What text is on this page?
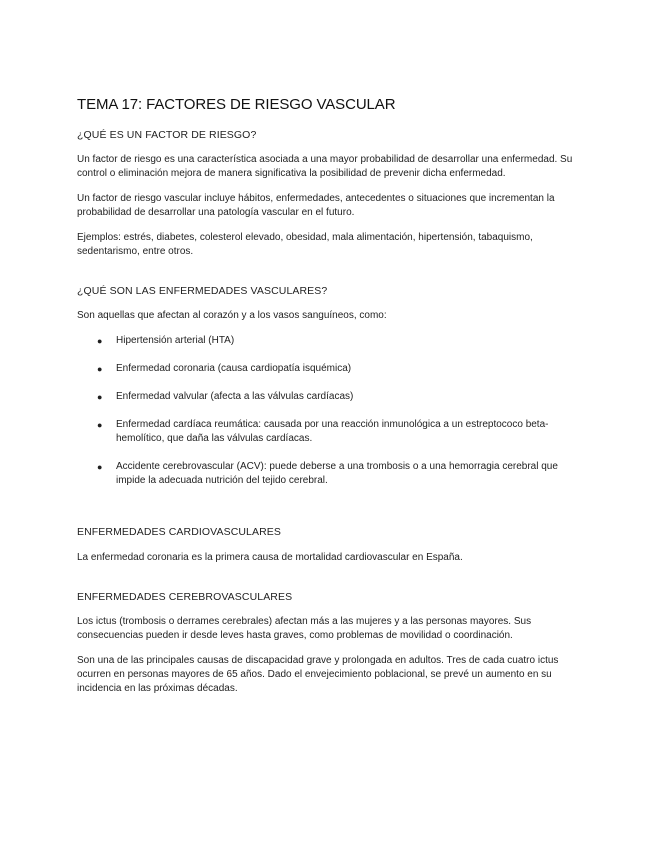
TEMA 17: FACTORES DE RIESGO VASCULAR
¿QUÉ ES UN FACTOR DE RIESGO?

Un factor de riesgo es una característica asociada a una mayor probabilidad de desarrollar una enfermedad. Su control o eliminación mejora de manera significativa la posibilidad de prevenir dicha enfermedad.

Un factor de riesgo vascular incluye hábitos, enfermedades, antecedentes o situaciones que incrementan la probabilidad de desarrollar una patología vascular en el futuro.

Ejemplos: estrés, diabetes, colesterol elevado, obesidad, mala alimentación, hipertensión, tabaquismo, sedentarismo, entre otros.

¿QUÉ SON LAS ENFERMEDADES VASCULARES?

Son aquellas que afectan al corazón y a los vasos sanguíneos, como:

● Hipertensión arterial (HTA)
● Enfermedad coronaria (causa cardiopatía isquémica)
● Enfermedad valvular (afecta a las válvulas cardíacas)
● Enfermedad cardíaca reumática: causada por una reacción inmunológica a un estreptococo beta-hemolítico, que daña las válvulas cardíacas.
● Accidente cerebrovascular (ACV): puede deberse a una trombosis o a una hemorragia cerebral que impide la adecuada nutrición del tejido cerebral.
ENFERMEDADES CARDIOVASCULARES

La enfermedad coronaria es la primera causa de mortalidad cardiovascular en España.

ENFERMEDADES CEREBROVASCULARES

Los ictus (trombosis o derrames cerebrales) afectan más a las mujeres y a las personas mayores. Sus consecuencias pueden ir desde leves hasta graves, como problemas de movilidad o coordinación.

Son una de las principales causas de discapacidad grave y prolongada en adultos. Tres de cada cuatro ictus ocurren en personas mayores de 65 años. Dado el envejecimiento poblacional, se prevé un aumento en su incidencia en las próximas décadas.
